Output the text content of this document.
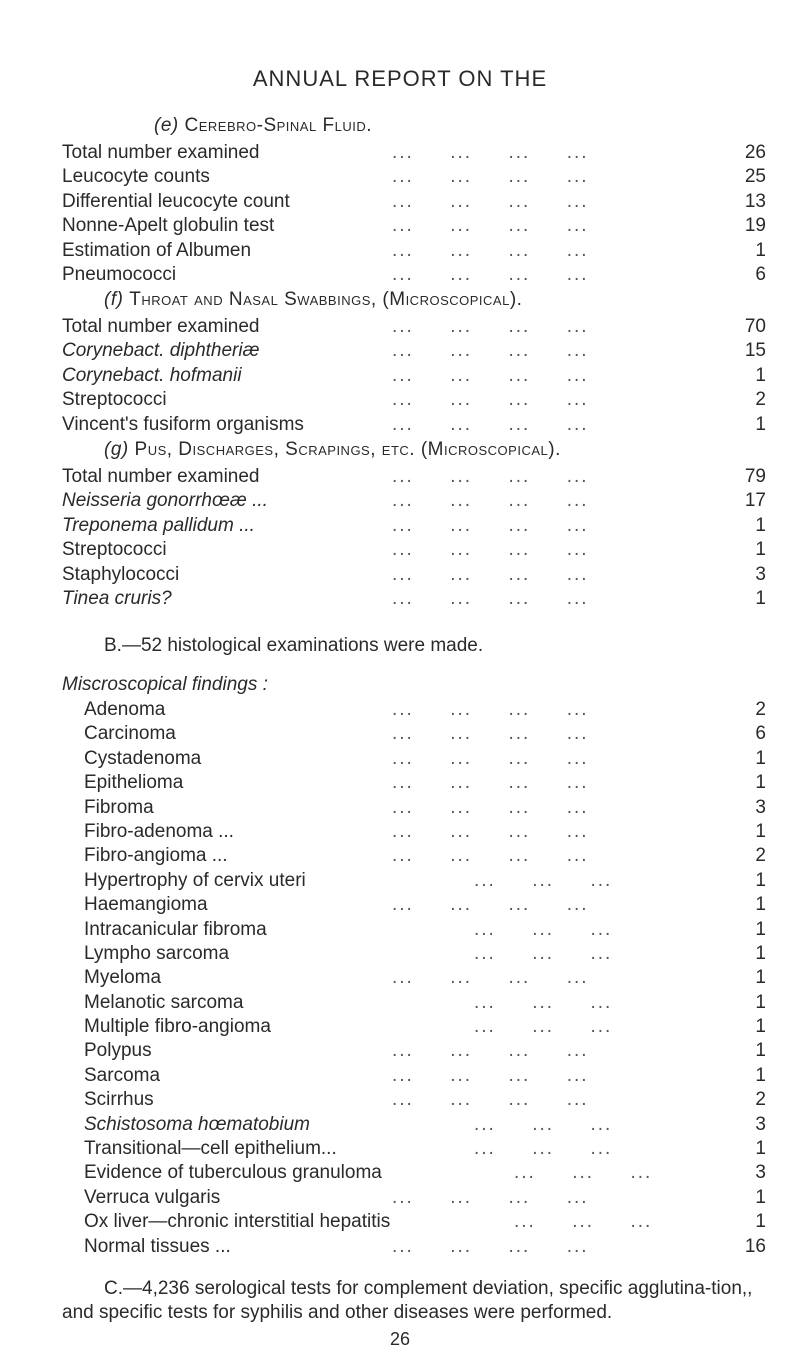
ANNUAL REPORT ON THE
(e) Cerebro-Spinal Fluid.
Total number examined	...     ...     ...     ...	26
Leucocyte counts	...     ...     ...     ...	25
Differential leucocyte count	...     ...     ...     ...	13
Nonne-Apelt globulin test	...     ...     ...     ...	19
Estimation of Albumen	...     ...     ...     ...	1
Pneumococci	...     ...     ...     ...	6
(f) Throat and Nasal Swabbings, (Microscopical).
Total number examined	...     ...     ...     ...	70
Corynebact. diphtheriæ	...     ...     ...     ...	15
Corynebact. hofmanii	...     ...     ...     ...	1
Streptococci	...     ...     ...     ...	2
Vincent's fusiform organisms	...     ...     ...     ...	1
(g) Pus, Discharges, Scrapings, etc. (Microscopical).
Total number examined	...     ...     ...     ...	79
Neisseria gonorrhœæ ...	...     ...     ...     ...	17
Treponema pallidum ...	...     ...     ...     ...	1
Streptococci	...     ...     ...     ...	1
Staphylococci	...     ...     ...     ...	3
Tinea cruris?	...     ...     ...     ...	1
B.—52 histological examinations were made.
Miscroscopical findings :
Adenoma	...     ...     ...     ...	2
Carcinoma	...     ...     ...     ...	6
Cystadenoma	...     ...     ...     ...	1
Epithelioma	...     ...     ...     ...	1
Fibroma	...     ...     ...     ...	3
Fibro-adenoma ...	...     ...     ...     ...	1
Fibro-angioma ...	...     ...     ...     ...	2
Hypertrophy of cervix uteri	...     ...     ...	1
Haemangioma	...     ...     ...     ...	1
Intracanicular fibroma	...     ...     ...	1
Lympho sarcoma	...     ...     ...	1
Myeloma	...     ...     ...     ...	1
Melanotic sarcoma	...     ...     ...	1
Multiple fibro-angioma	...     ...     ...	1
Polypus	...     ...     ...     ...	1
Sarcoma	...     ...     ...     ...	1
Scirrhus	...     ...     ...     ...	2
Schistosoma hœmatobium	...     ...     ...	3
Transitional—cell epithelium...	...     ...     ...	1
Evidence of tuberculous granuloma	...     ...     ...	3
Verruca vulgaris	...     ...     ...     ...	1
Ox liver—chronic interstitial hepatitis	...     ...     ...	1
Normal tissues ...	...     ...     ...     ...	16
C.—4,236 serological tests for complement deviation, specific agglutina-tion,, and specific tests for syphilis and other diseases were performed.
26
